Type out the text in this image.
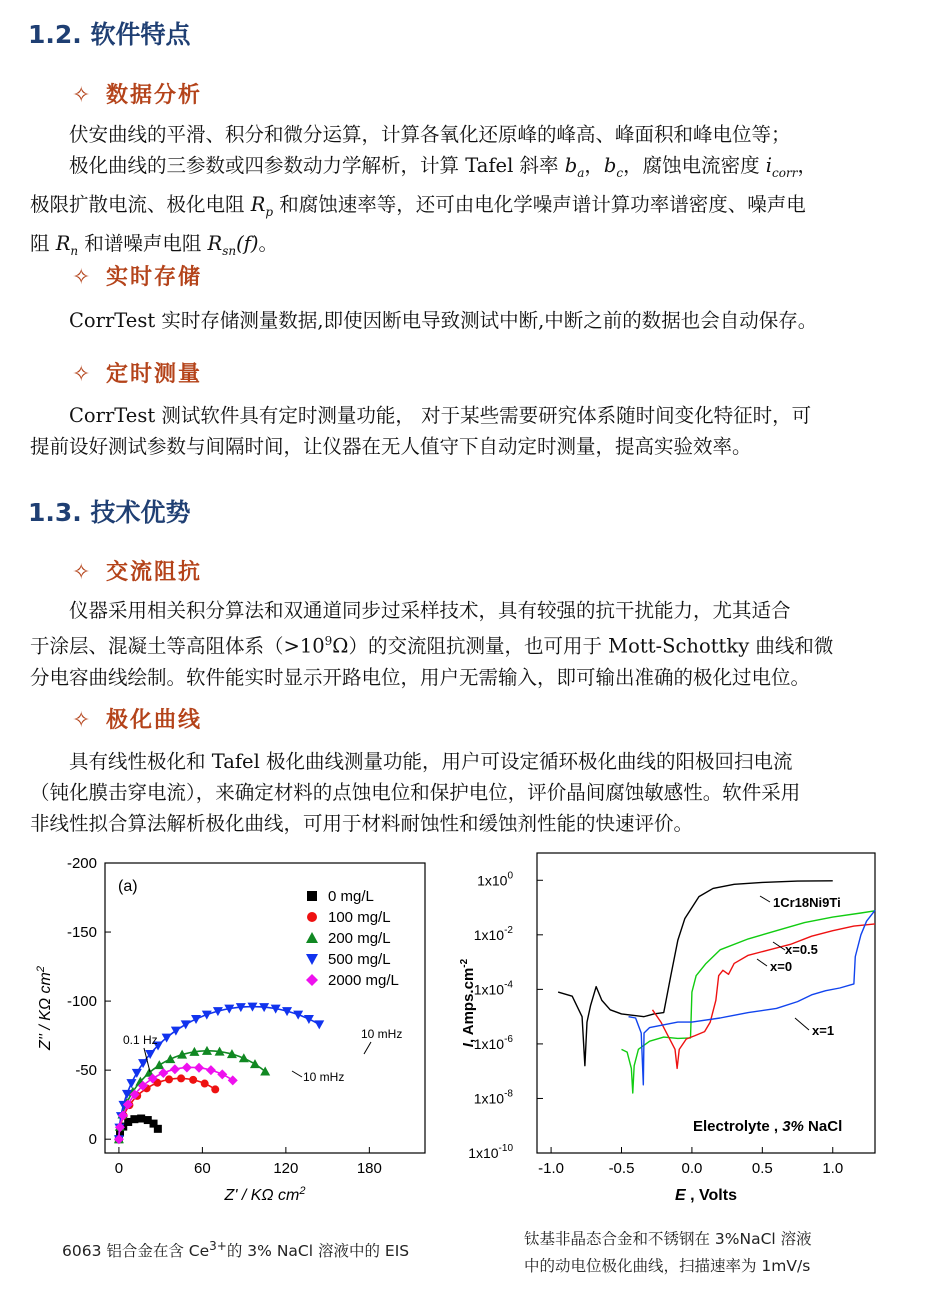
1.2. 软件特点
✧ 数据分析

伏安曲线的平滑、积分和微分运算，计算各氧化还原峰的峰高、峰面积和峰电位等；

极化曲线的三参数或四参数动力学解析，计算 Tafel 斜率 $b_a$，$b_c$，腐蚀电流密度 $i_{corr}$，

极限扩散电流、极化电阻 $R_p$ 和腐蚀速率等，还可由电化学噪声谱计算功率谱密度、噪声电

阻 $R_n$ 和谱噪声电阻 $R_{sn}(f)$。

✧ 实时存储

CorrTest 实时存储测量数据,即使因断电导致测试中断,中断之前的数据也会自动保存。

✧ 定时测量

CorrTest 测试软件具有定时测量功能， 对于某些需要研究体系随时间变化特征时，可

提前设好测试参数与间隔时间，让仪器在无人值守下自动定时测量，提高实验效率。

1.3. 技术优势
✧ 交流阻抗

仪器采用相关积分算法和双通道同步过采样技术，具有较强的抗干扰能力，尤其适合

于涂层、混凝土等高阻体系$(>10^9\Omega)$的交流阻抗测量，也可用于 Mott-Schottky 曲线和微

分电容曲线绘制。软件能实时显示开路电位，用户无需输入，即可输出准确的极化过电位。

✧ 极化曲线

具有线性极化和 Tafel 极化曲线测量功能，用户可设定循环极化曲线的阳极回扫电流

（钝化膜击穿电流），来确定材料的点蚀电位和保护电位，评价晶间腐蚀敏感性。软件采用

非线性拟合算法解析极化曲线，可用于材料耐蚀性和缓蚀剂性能的快速评价。

0	60	120	180
-200
-150
-100
-50
0
(a)
0 mg/L
100 mg/L
200 mg/L
500 mg/L
2000 mg/L
0.1 Hz
10 mHz
10 mHz
Z' / KΩ $cm^2$
Z'' / KΩ $cm^2$
-1.0	-0.5	0.0	0.5	1.0
$1x10^0$
$1x10^{-2}$
$1x10^{-4}$
$1x10^{-6}$
$1x10^{-8}$
$1x10^{-10}$
1Cr18Ni9Ti
x=0.5
x=0
x=1
Electrolyte , 3% NaCl
E , Volts
I, $Amps.cm^{-2}$
6063 铝合金在含 $Ce^{3+}$的 3% NaCl 溶液中的 EIS
钛基非晶态合金和不锈钢在 3%NaCl 溶液
中的动电位极化曲线，扫描速率为 1mV/s
